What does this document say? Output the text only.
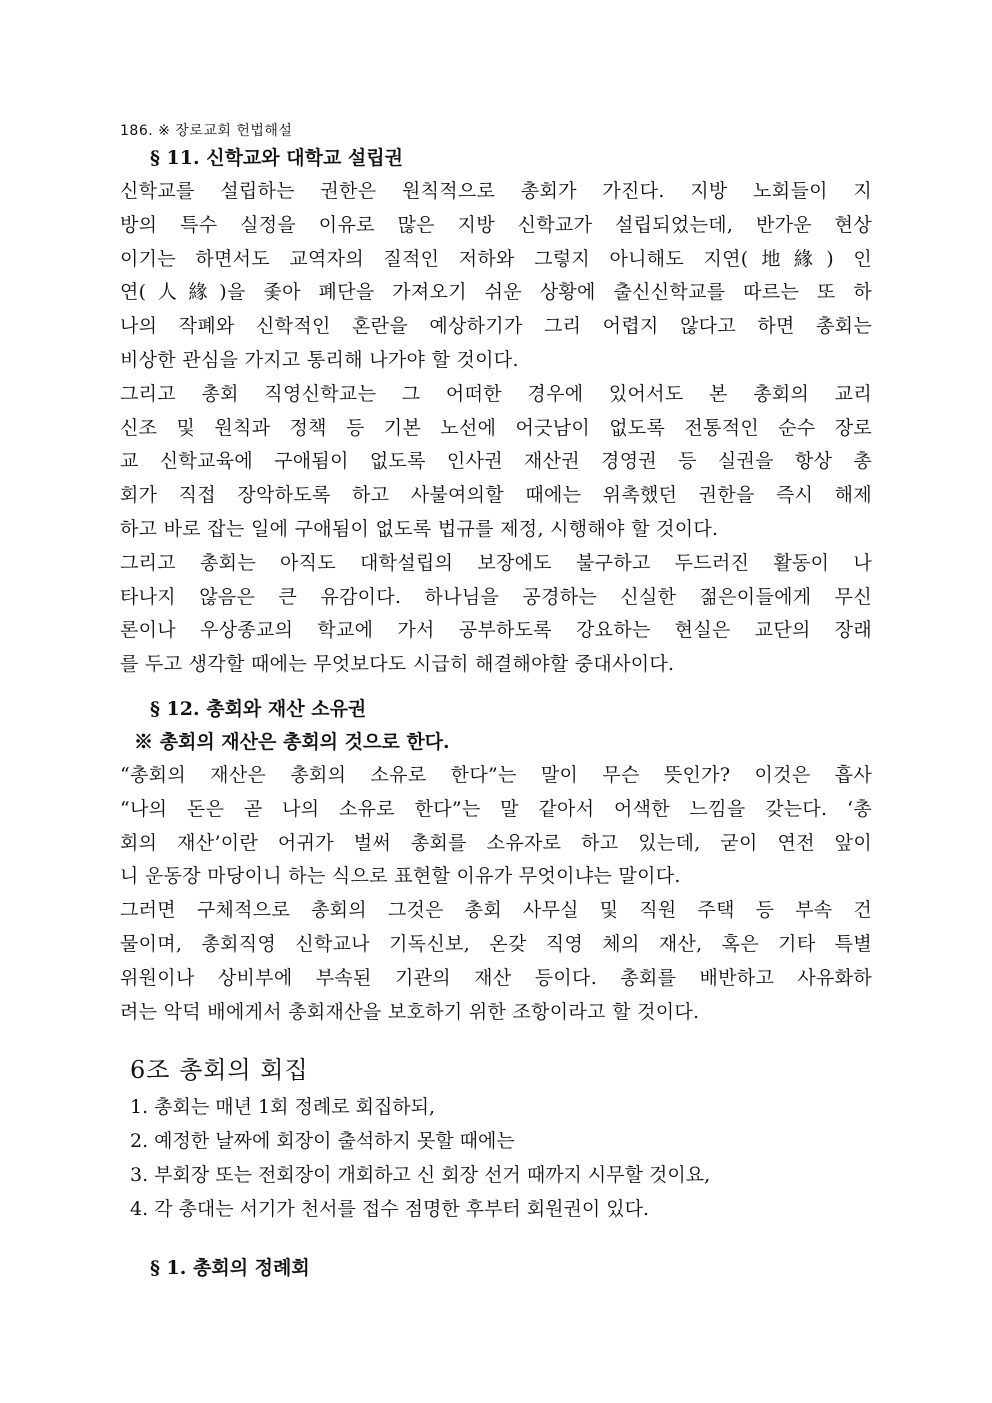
186. ※ 장로교회 헌법해설
§ 11. 신학교와 대학교 설립권

신학교를 설립하는 권한은 원칙적으로 총회가 가진다. 지방 노회들이 지

방의 특수 실정을 이유로 많은 지방 신학교가 설립되었는데, 반가운 현상

이기는 하면서도 교역자의 질적인 저하와 그렇지 아니해도 지연(地緣) 인

연(人緣)을 좇아 폐단을 가져오기 쉬운 상황에 출신신학교를 따르는 또 하

나의 작폐와 신학적인 혼란을 예상하기가 그리 어렵지 않다고 하면 총회는

비상한 관심을 가지고 통리해 나가야 할 것이다.

그리고 총회 직영신학교는 그 어떠한 경우에 있어서도 본 총회의 교리

신조 및 원칙과 정책 등 기본 노선에 어긋남이 없도록 전통적인 순수 장로

교 신학교육에 구애됨이 없도록 인사권 재산권 경영권 등 실권을 항상 총

회가 직접 장악하도록 하고 사불여의할 때에는 위촉했던 권한을 즉시 해제

하고 바로 잡는 일에 구애됨이 없도록 법규를 제정, 시행해야 할 것이다.

그리고 총회는 아직도 대학설립의 보장에도 불구하고 두드러진 활동이 나

타나지 않음은 큰 유감이다. 하나님을 공경하는 신실한 젊은이들에게 무신

론이나 우상종교의 학교에 가서 공부하도록 강요하는 현실은 교단의 장래

를 두고 생각할 때에는 무엇보다도 시급히 해결해야할 중대사이다.

§ 12. 총회와 재산 소유권
※ 총회의 재산은 총회의 것으로 한다.

“총회의 재산은 총회의 소유로 한다”는 말이 무슨 뜻인가? 이것은 흡사

“나의 돈은 곧 나의 소유로 한다”는 말 같아서 어색한 느낌을 갖는다. ‘총

회의 재산’이란 어귀가 벌써 총회를 소유자로 하고 있는데, 굳이 연전 앞이

니 운동장 마당이니 하는 식으로 표현할 이유가 무엇이냐는 말이다.

그러면 구체적으로 총회의 그것은 총회 사무실 및 직원 주택 등 부속 건

물이며, 총회직영 신학교나 기독신보, 온갖 직영 체의 재산, 혹은 기타 특별

위원이나 상비부에 부속된 기관의 재산 등이다. 총회를 배반하고 사유화하

려는 악덕 배에게서 총회재산을 보호하기 위한 조항이라고 할 것이다.

6조 총회의 회집

1. 총회는 매년 1회 정례로 회집하되,

2. 예정한 날짜에 회장이 출석하지 못할 때에는

3. 부회장 또는 전회장이 개회하고 신 회장 선거 때까지 시무할 것이요,

4. 각 총대는 서기가 천서를 접수 점명한 후부터 회원권이 있다.

§ 1. 총회의 정례회
